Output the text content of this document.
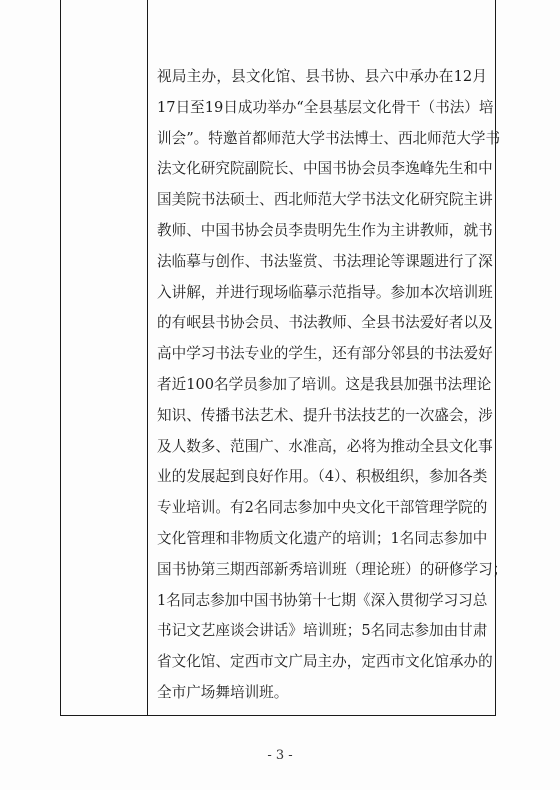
视局主办，县文化馆、县书协、县六中承办在12月
17日至19日成功举办“全县基层文化骨干（书法）培
训会”。特邀首都师范大学书法博士、西北师范大学书
法文化研究院副院长、中国书协会员李逸峰先生和中
国美院书法硕士、西北师范大学书法文化研究院主讲
教师、中国书协会员李贵明先生作为主讲教师，就书
法临摹与创作、书法鉴赏、书法理论等课题进行了深
入讲解，并进行现场临摹示范指导。参加本次培训班
的有岷县书协会员、书法教师、全县书法爱好者以及
高中学习书法专业的学生，还有部分邻县的书法爱好
者近100名学员参加了培训。这是我县加强书法理论
知识、传播书法艺术、提升书法技艺的一次盛会，涉
及人数多、范围广、水准高，必将为推动全县文化事
业的发展起到良好作用。（4）、积极组织，参加各类
专业培训。有2名同志参加中央文化干部管理学院的
文化管理和非物质文化遗产的培训；1名同志参加中
国书协第三期西部新秀培训班（理论班）的研修学习；
1名同志参加中国书协第十七期《深入贯彻学习习总
书记文艺座谈会讲话》培训班；5名同志参加由甘肃
省文化馆、定西市文广局主办，定西市文化馆承办的
全市广场舞培训班。
- 3 -
